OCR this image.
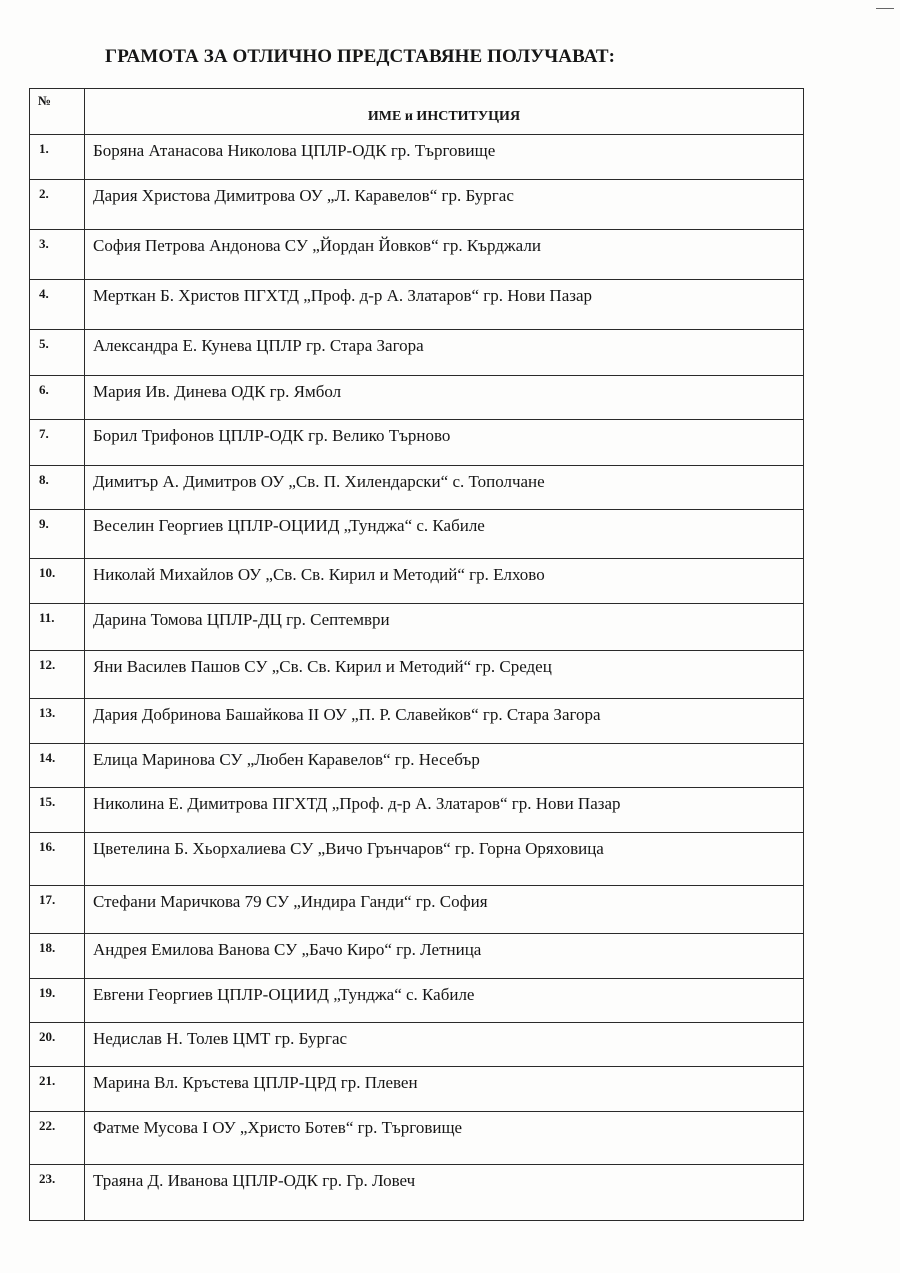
ГРАМОТА ЗА ОТЛИЧНО ПРЕДСТАВЯНЕ ПОЛУЧАВАТ:
№	ИМЕ и ИНСТИТУЦИЯ
1.	Боряна Атанасова Николова ЦПЛР-ОДК гр. Търговище
2.	Дария Христова Димитрова ОУ „Л. Каравелов“ гр. Бургас
3.	София Петрова Андонова СУ „Йордан Йовков“ гр. Кърджали
4.	Мерткан Б. Христов ПГХТД „Проф. д-р А. Златаров“ гр. Нови Пазар
5.	Александра Е. Кунева ЦПЛР гр. Стара Загора
6.	Мария Ив. Динева ОДК гр. Ямбол
7.	Борил Трифонов ЦПЛР-ОДК гр. Велико Търново
8.	Димитър А. Димитров ОУ „Св. П. Хилендарски“ с. Тополчане
9.	Веселин Георгиев ЦПЛР-ОЦИИД „Тунджа“ с. Кабиле
10.	Николай Михайлов ОУ „Св. Св. Кирил и Методий“ гр. Елхово
11.	Дарина Томова ЦПЛР-ДЦ гр. Септември
12.	Яни Василев Пашов СУ „Св. Св. Кирил и Методий“ гр. Средец
13.	Дария Добринова Башайкова II ОУ „П. Р. Славейков“ гр. Стара Загора
14.	Елица Маринова СУ „Любен Каравелов“ гр. Несебър
15.	Николина Е. Димитрова ПГХТД „Проф. д-р А. Златаров“ гр. Нови Пазар
16.	Цветелина Б. Хьорхалиева СУ „Вичо Грънчаров“ гр. Горна Оряховица
17.	Стефани Маричкова 79 СУ „Индира Ганди“ гр. София
18.	Андрея Емилова Ванова СУ „Бачо Киро“ гр. Летница
19.	Евгени Георгиев ЦПЛР-ОЦИИД „Тунджа“ с. Кабиле
20.	Недислав Н. Толев ЦМТ гр. Бургас
21.	Марина Вл. Кръстева ЦПЛР-ЦРД гр. Плевен
22.	Фатме Мусова I ОУ „Христо Ботев“ гр. Търговище
23.	Траяна Д. Иванова ЦПЛР-ОДК гр. Гр. Ловеч
